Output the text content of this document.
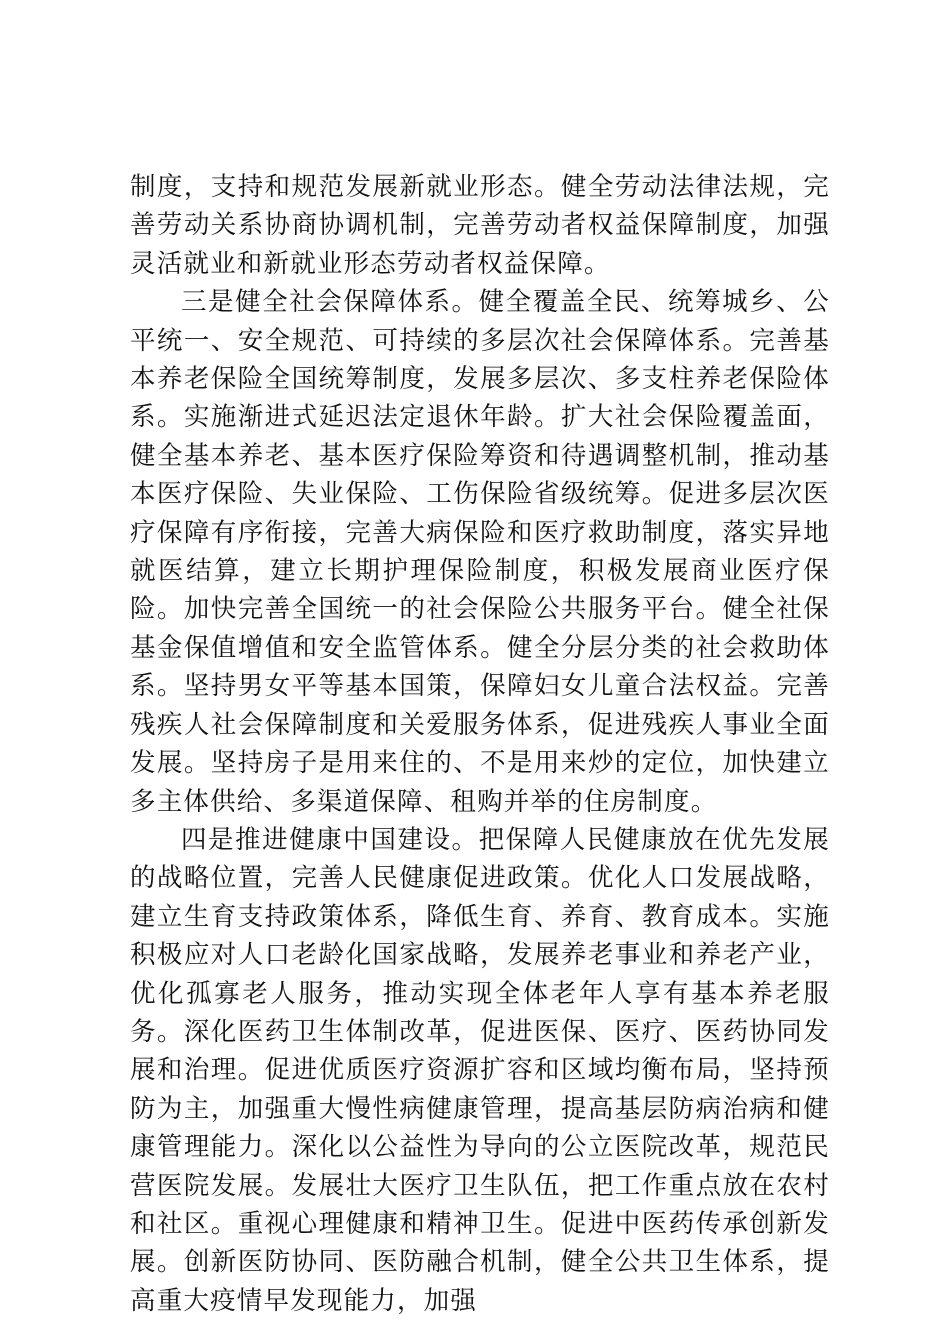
制度，支持和规范发展新就业形态。健全劳动法律法规，完善劳动关系协商协调机制，完善劳动者权益保障制度，加强灵活就业和新就业形态劳动者权益保障。

三是健全社会保障体系。健全覆盖全民、统筹城乡、公平统一、安全规范、可持续的多层次社会保障体系。完善基本养老保险全国统筹制度，发展多层次、多支柱养老保险体系。实施渐进式延迟法定退休年龄。扩大社会保险覆盖面，健全基本养老、基本医疗保险筹资和待遇调整机制，推动基本医疗保险、失业保险、工伤保险省级统筹。促进多层次医疗保障有序衔接，完善大病保险和医疗救助制度，落实异地就医结算，建立长期护理保险制度，积极发展商业医疗保险。加快完善全国统一的社会保险公共服务平台。健全社保基金保值增值和安全监管体系。健全分层分类的社会救助体系。坚持男女平等基本国策，保障妇女儿童合法权益。完善残疾人社会保障制度和关爱服务体系，促进残疾人事业全面发展。坚持房子是用来住的、不是用来炒的定位，加快建立多主体供给、多渠道保障、租购并举的住房制度。

四是推进健康中国建设。把保障人民健康放在优先发展的战略位置，完善人民健康促进政策。优化人口发展战略，建立生育支持政策体系，降低生育、养育、教育成本。实施积极应对人口老龄化国家战略，发展养老事业和养老产业，优化孤寡老人服务，推动实现全体老年人享有基本养老服务。深化医药卫生体制改革，促进医保、医疗、医药协同发展和治理。促进优质医疗资源扩容和区域均衡布局，坚持预防为主，加强重大慢性病健康管理，提高基层防病治病和健康管理能力。深化以公益性为导向的公立医院改革，规范民营医院发展。发展壮大医疗卫生队伍，把工作重点放在农村和社区。重视心理健康和精神卫生。促进中医药传承创新发展。创新医防协同、医防融合机制，健全公共卫生体系，提高重大疫情早发现能力，加强
